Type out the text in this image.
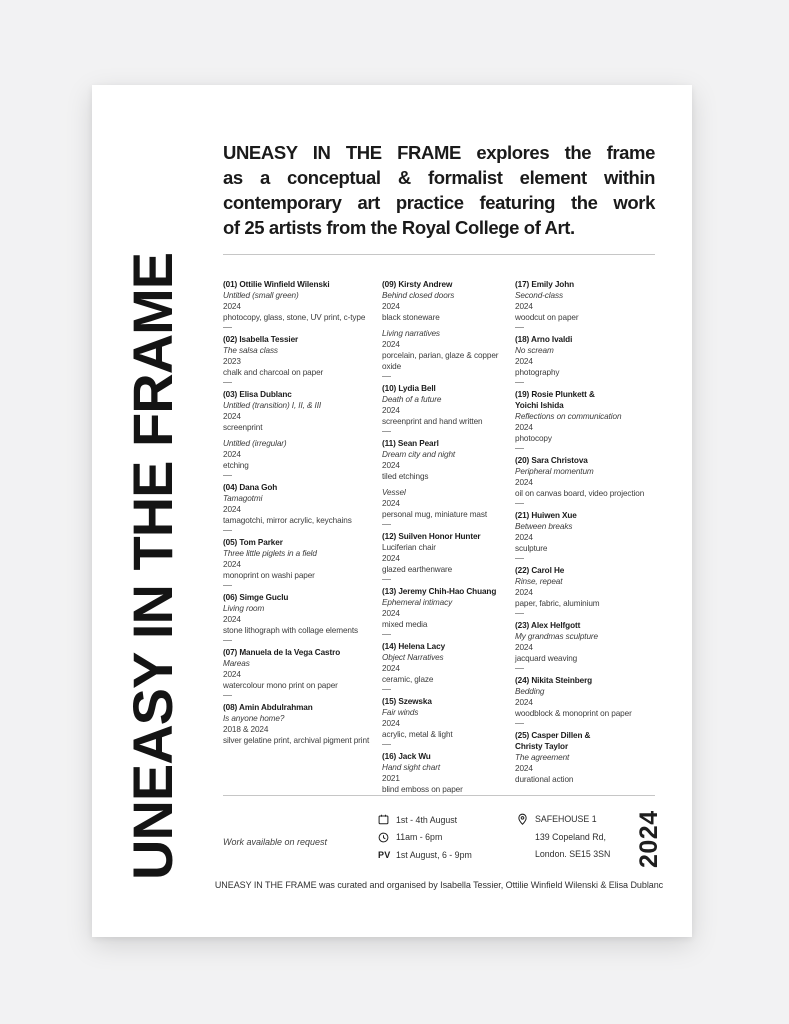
UNEASY IN THE FRAME
UNEASY IN THE FRAME explores the frame
as a conceptual & formalist element within
contemporary art practice featuring the work
of 25 artists from the Royal College of Art.
(01) Ottilie Winfield Wilenski
Untitled (small green)
2024
photocopy, glass, stone, UV print, c-type
(02) Isabella Tessier
The salsa class
2023
chalk and charcoal on paper
(03) Elisa Dublanc
Untitled (transition) I, II, & III
2024
screenprint
Untitled (irregular)
2024
etching
(04) Dana Goh
Tamagotmi
2024
tamagotchi, mirror acrylic, keychains
(05) Tom Parker
Three little piglets in a field
2024
monoprint on washi paper
(06) Simge Guclu
Living room
2024
stone lithograph with collage elements
(07) Manuela de la Vega Castro
Mareas
2024
watercolour mono print on paper
(08) Amin Abdulrahman
Is anyone home?
2018 & 2024
silver gelatine print, archival pigment print
(09) Kirsty Andrew
Behind closed doors
2024
black stoneware
Living narratives
2024
porcelain, parian, glaze & copper oxide
(10) Lydia Bell
Death of a future
2024
screenprint and hand written
(11) Sean Pearl
Dream city and night
2024
tiled etchings
Vessel
2024
personal mug, miniature mast
(12) Suilven Honor Hunter
Luciferian chair
2024
glazed earthenware
(13) Jeremy Chih-Hao Chuang
Ephemeral intimacy
2024
mixed media
(14) Helena Lacy
Object Narratives
2024
ceramic, glaze
(15) Szewska
Fair winds
2024
acrylic, metal & light
(16) Jack Wu
Hand sight chart
2021
blind emboss on paper
(17) Emily John
Second-class
2024
woodcut on paper
(18) Arno Ivaldi
No scream
2024
photography
(19) Rosie Plunkett &
Yoichi Ishida
Reflections on communication
2024
photocopy
(20) Sara Christova
Peripheral momentum
2024
oil on canvas board, video projection
(21) Huiwen Xue
Between breaks
2024
sculpture
(22) Carol He
Rinse, repeat
2024
paper, fabric, aluminium
(23) Alex Helfgott
My grandmas sculpture
2024
jacquard weaving
(24) Nikita Steinberg
Bedding
2024
woodblock & monoprint on paper
(25) Casper Dillen &
Christy Taylor
The agreement
2024
durational action
Work available on request
1st - 4th August
11am - 6pm
PV 1st August, 6 - 9pm
SAFEHOUSE 1
139 Copeland Rd,
London. SE15 3SN 2024
UNEASY IN THE FRAME was curated and organised by Isabella Tessier, Ottilie Winfield Wilenski & Elisa Dublanc
